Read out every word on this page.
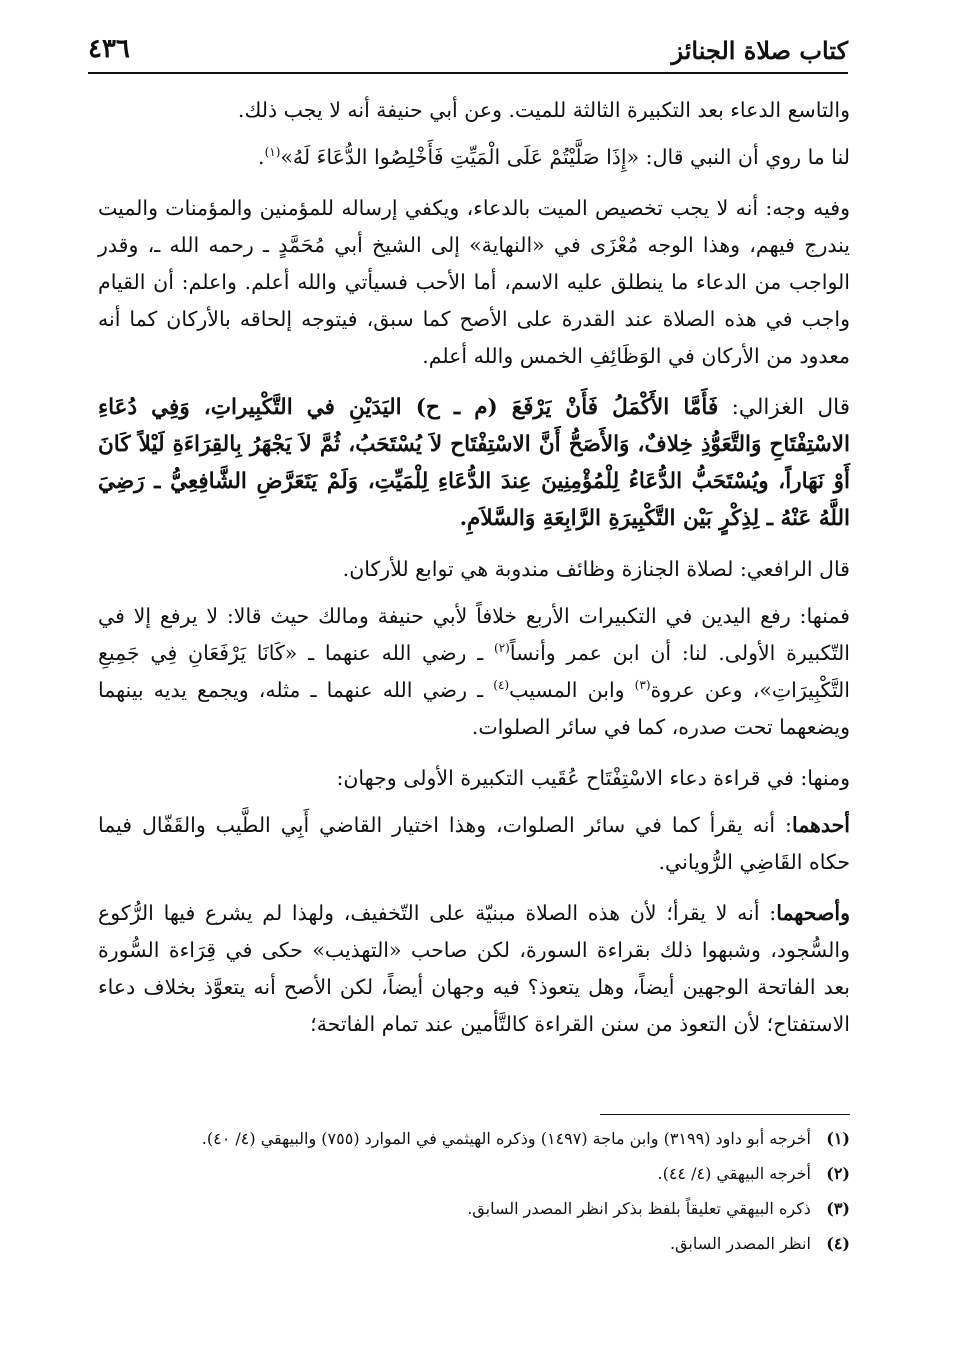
كتاب صلاة الجنائز
٤٣٦

والتاسع الدعاء بعد التكبيرة الثالثة للميت. وعن أبي حنيفة أنه لا يجب ذلك.

لنا ما روي أن النبي قال: «إِذَا صَلَّيْتُمْ عَلَى الْمَيِّتِ فَأَخْلِصُوا الدُّعَاءَ لَهُ»$^{(١)}$.

وفيه وجه: أنه لا يجب تخصيص الميت بالدعاء، ويكفي إرساله للمؤمنين والمؤمنات والميت يندرج فيهم، وهذا الوجه مُعْزَى في «النهاية» إلى الشيخ أبي مُحَمَّدٍ ـ رحمه الله ـ، وقدر الواجب من الدعاء ما ينطلق عليه الاسم، أما الأحب فسيأتي والله أعلم. واعلم: أن القيام واجب في هذه الصلاة عند القدرة على الأصح كما سبق، فيتوجه إلحاقه بالأركان كما أنه معدود من الأركان في الوَظَائِفِ الخمس والله أعلم.

قال الغزالي: فَأَمَّا الأَكْمَلُ فَأَنْ يَرْفَعَ (م ـ ح) اليَدَيْنِ في التَّكْبِيراتِ، وَفِي دُعَاءِ الاسْتِفْتَاحِ وَالتَّعَوُّذِ خِلافٌ، وَالأَصَحُّ أَنَّ الاسْتِفْتَاح لاَ يُسْتَحَبُ، ثُمَّ لاَ يَجْهَرُ بِالقِرَاءَةِ لَيْلاً كَانَ أَوْ نَهَاراً، ويُسْتَحَبُّ الدُّعَاءُ لِلْمُؤْمِنِينَ عِندَ الدُّعَاءِ لِلْمَيِّتِ، وَلَمْ يَتَعَرَّضِ الشَّافِعِيُّ ـ رَضِيَ اللَّهُ عَنْهُ ـ لِذِكْرٍ بَيْن التَّكْبِيرَةِ الرَّابِعَةِ وَالسَّلاَمِ.

قال الرافعي: لصلاة الجنازة وظائف مندوبة هي توابع للأركان.

فمنها: رفع اليدين في التكبيرات الأربع خلافاً لأبي حنيفة ومالك حيث قالا: لا يرفع إلا في التّكبيرة الأولى. لنا: أن ابن عمر وأنساً$^{(٢)}$ ـ رضي الله عنهما ـ «كَانَا يَرْفَعَانِ فِي جَمِيعِ التَّكْبِيرَاتِ»، وعن عروة$^{(٣)}$ وابن المسيب$^{(٤)}$ ـ رضي الله عنهما ـ مثله، ويجمع يديه بينهما ويضعهما تحت صدره، كما في سائر الصلوات.

ومنها: في قراءة دعاء الاسْتِفْتَاح عُقَيب التكبيرة الأولى وجهان:

أحدهما: أنه يقرأ كما في سائر الصلوات، وهذا اختيار القاضي أَبِي الطَّيب والقَفّال فيما حكاه القَاضِي الرُّوياني.

وأصحهما: أنه لا يقرأ؛ لأن هذه الصلاة مبنيّة على التّخفيف، ولهذا لم يشرع فيها الرُّكوع والسُّجود، وشبهوا ذلك بقراءة السورة، لكن صاحب «التهذيب» حكى في قِرَاءة السُّورة بعد الفاتحة الوجهين أيضاً، وهل يتعوذ؟ فيه وجهان أيضاً، لكن الأصح أنه يتعوَّذ بخلاف دعاء الاستفتاح؛ لأن التعوذ من سنن القراءة كالتَّأمين عند تمام الفاتحة؛

(١) أخرجه أبو داود (٣١٩٩) وابن ماجة (١٤٩٧) وذكره الهيثمي في الموارد (٧٥٥) والبيهقي (٤/ ٤٠).

(٢) أخرجه البيهقي (٤/ ٤٤).

(٣) ذكره البيهقي تعليقاً بلفظ بذكر انظر المصدر السابق.

(٤) انظر المصدر السابق.
